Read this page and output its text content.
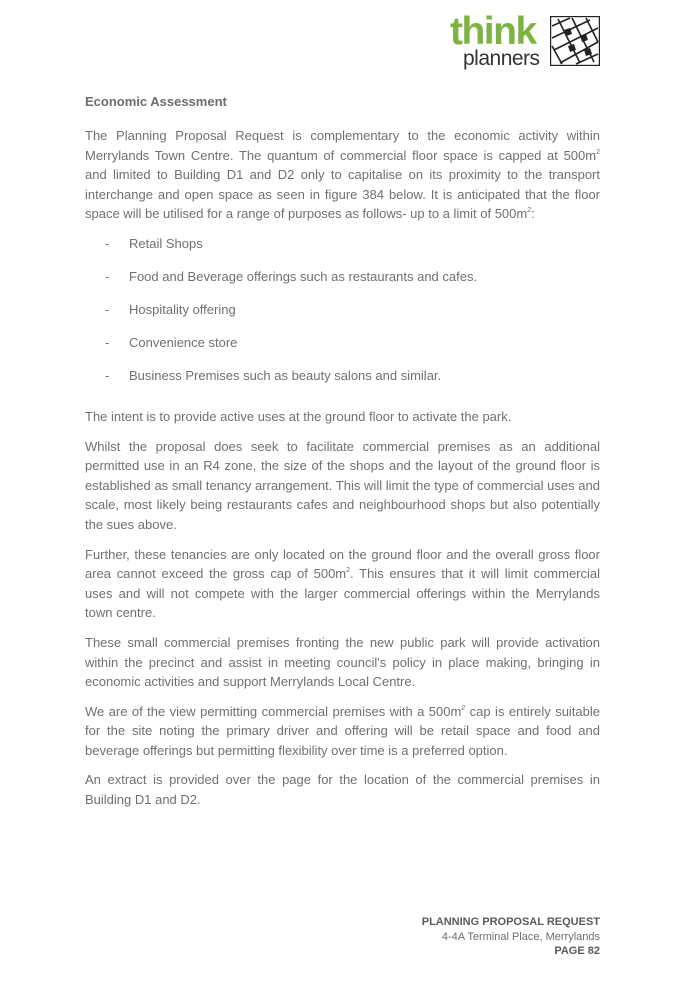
think
planners
Economic Assessment

The Planning Proposal Request is complementary to the economic activity within Merrylands Town Centre. The quantum of commercial floor space is capped at $500m^2$ and limited to Building D1 and D2 only to capitalise on its proximity to the transport interchange and open space as seen in figure 384 below. It is anticipated that the floor space will be utilised for a range of purposes as follows- up to a limit of $500m^2$:

- Retail Shops
- Food and Beverage offerings such as restaurants and cafes.
- Hospitality offering
- Convenience store
- Business Premises such as beauty salons and similar.

The intent is to provide active uses at the ground floor to activate the park.

Whilst the proposal does seek to facilitate commercial premises as an additional permitted use in an R4 zone, the size of the shops and the layout of the ground floor is established as small tenancy arrangement. This will limit the type of commercial uses and scale, most likely being restaurants cafes and neighbourhood shops but also potentially the sues above.

Further, these tenancies are only located on the ground floor and the overall gross floor area cannot exceed the gross cap of $500m^2$. This ensures that it will limit commercial uses and will not compete with the larger commercial offerings within the Merrylands town centre.

These small commercial premises fronting the new public park will provide activation within the precinct and assist in meeting council's policy in place making, bringing in economic activities and support Merrylands Local Centre.

We are of the view permitting commercial premises with a $500m^2$ cap is entirely suitable for the site noting the primary driver and offering will be retail space and food and beverage offerings but permitting flexibility over time is a preferred option.

An extract is provided over the page for the location of the commercial premises in Building D1 and D2.

PLANNING PROPOSAL REQUEST
4-4A Terminal Place, Merrylands
PAGE 82
